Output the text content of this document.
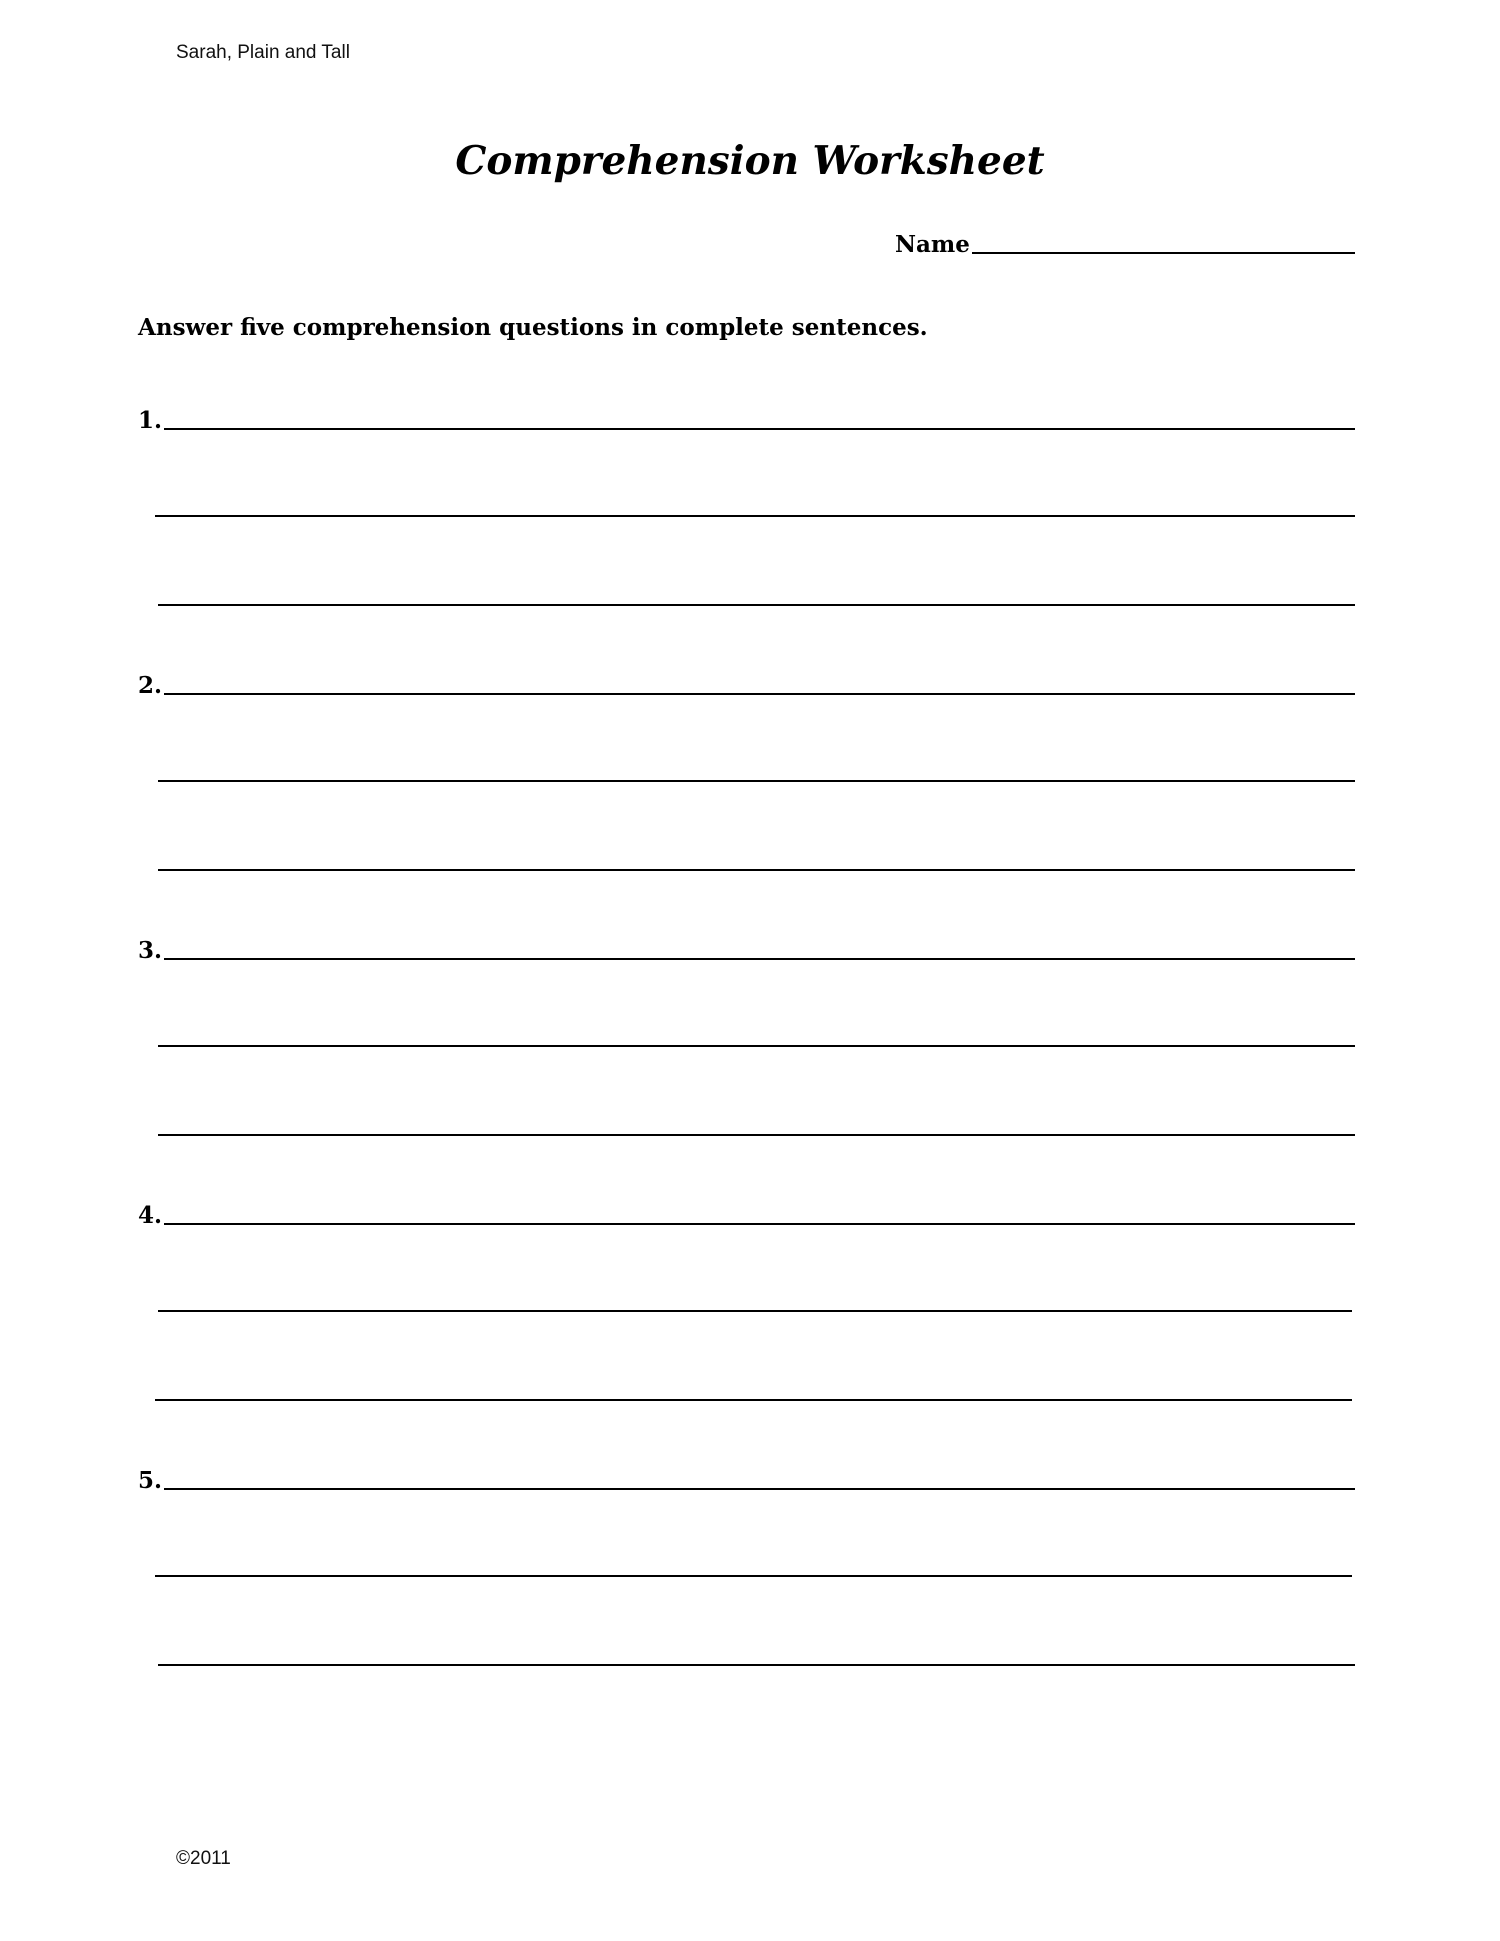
Sarah, Plain and Tall
Comprehension Worksheet
Name
Answer five comprehension questions in complete sentences.
1.
2.
3.
4.
5.
©2011
